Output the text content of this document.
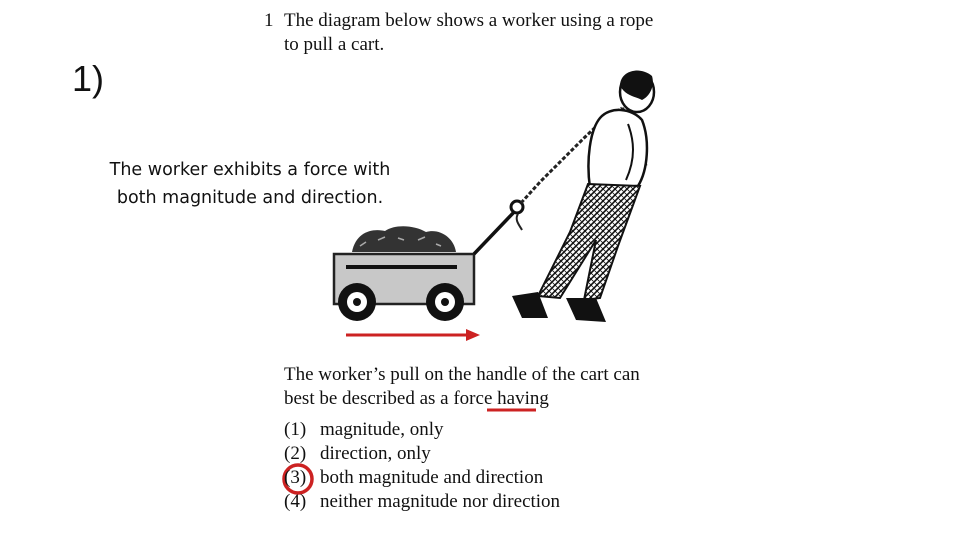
1)
The worker exhibits a force with
both magnitude and direction.
1 The diagram below shows a worker using a rope
to pull a cart.
The worker’s pull on the handle of the cart can
best be described as a force having
(1) magnitude, only
(2) direction, only
(3) both magnitude and direction
(4) neither magnitude nor direction
